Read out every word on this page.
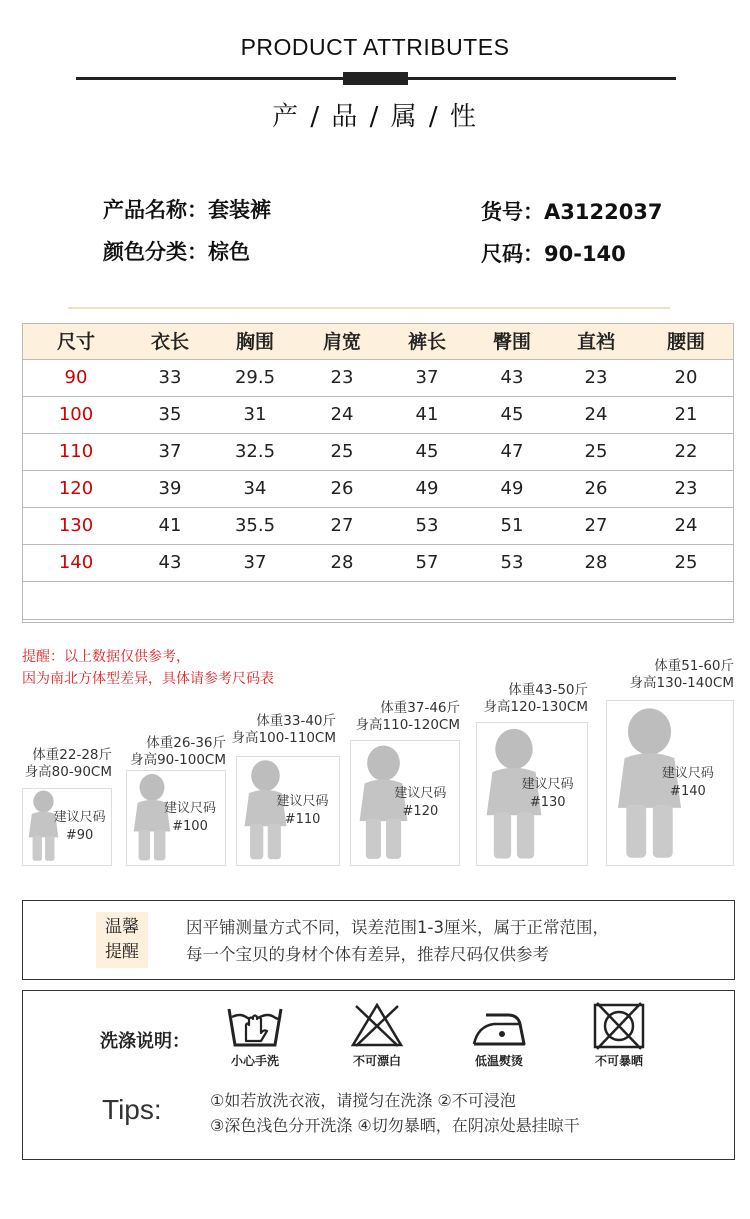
PRODUCT ATTRIBUTES
产 / 品 / 属 / 性
产品名称：套装裤	货号：A3122037
颜色分类：棕色	尺码：90-140
尺寸	衣长	胸围	肩宽	裤长	臀围	直裆	腰围
90	33	29.5	23	37	43	23	20
100	35	31	24	41	45	24	21
110	37	32.5	25	45	47	25	22
120	39	34	26	49	49	26	23
130	41	35.5	27	53	51	27	24
140	43	37	28	57	53	28	25

提醒：以上数据仅供参考，
因为南北方体型差异，具体请参考尺码表
建议尺码
#90
体重22-28斤
身高80-90CM
建议尺码
#100
体重26-36斤
身高90-100CM
建议尺码
#110
体重33-40斤
身高100-110CM
建议尺码
#120
体重37-46斤
身高110-120CM
建议尺码
#130
体重43-50斤
身高120-130CM
建议尺码
#140
体重51-60斤
身高130-140CM
温馨
提醒
因平铺测量方式不同，误差范围1-3厘米，属于正常范围，
每一个宝贝的身材个体有差异，推荐尺码仅供参考
洗涤说明：
小心手洗	不可漂白	低温熨烫	不可暴晒
Tips:	①如若放洗衣液，请搅匀在洗涤 ②不可浸泡
③深色浅色分开洗涤 ④切勿暴晒，在阴凉处悬挂晾干
